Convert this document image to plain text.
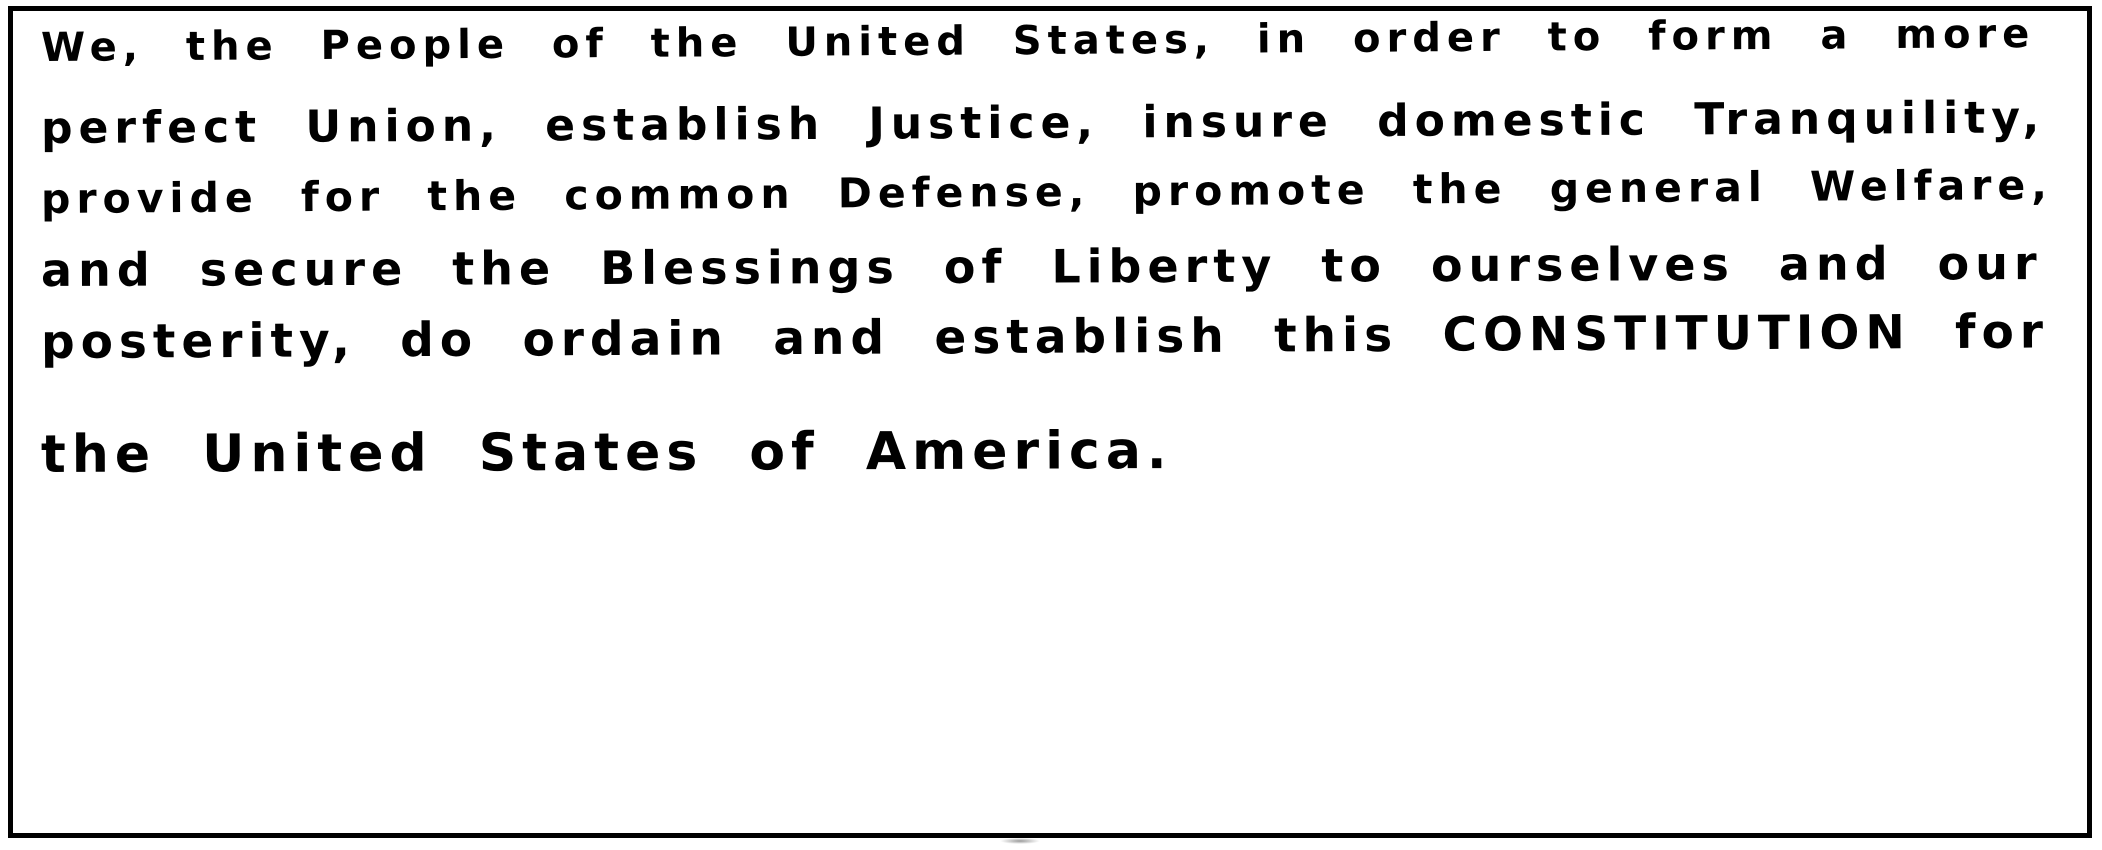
We, the People of the United States, in order to form a more
perfect Union, establish Justice, insure domestic Tranquility,
provide for the common Defense, promote the general Welfare,
and secure the Blessings of Liberty to ourselves and our
posterity, do ordain and establish this CONSTITUTION for
the United States of America.
